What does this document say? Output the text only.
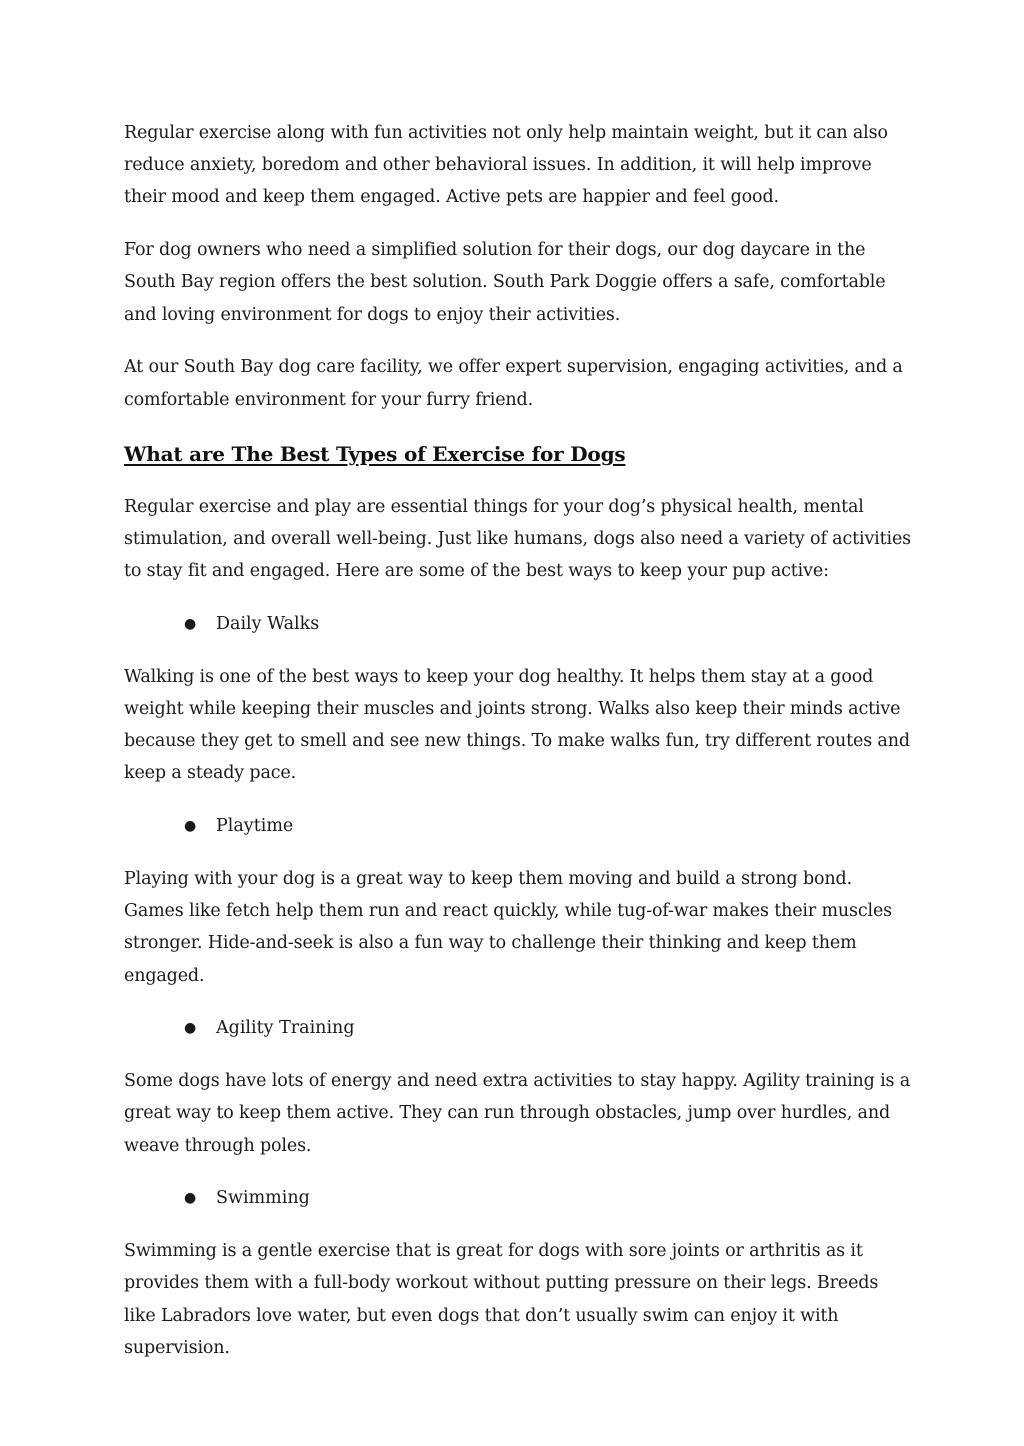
Regular exercise along with fun activities not only help maintain weight, but it can also reduce anxiety, boredom and other behavioral issues. In addition, it will help improve their mood and keep them engaged. Active pets are happier and feel good.

For dog owners who need a simplified solution for their dogs, our dog daycare in the South Bay region offers the best solution. South Park Doggie offers a safe, comfortable and loving environment for dogs to enjoy their activities.

At our South Bay dog care facility, we offer expert supervision, engaging activities, and a comfortable environment for your furry friend.

What are The Best Types of Exercise for Dogs

Regular exercise and play are essential things for your dog’s physical health, mental stimulation, and overall well-being. Just like humans, dogs also need a variety of activities to stay fit and engaged. Here are some of the best ways to keep your pup active:

● Daily Walks

Walking is one of the best ways to keep your dog healthy. It helps them stay at a good weight while keeping their muscles and joints strong. Walks also keep their minds active because they get to smell and see new things. To make walks fun, try different routes and keep a steady pace.

● Playtime

Playing with your dog is a great way to keep them moving and build a strong bond. Games like fetch help them run and react quickly, while tug-of-war makes their muscles stronger. Hide-and-seek is also a fun way to challenge their thinking and keep them engaged.

● Agility Training

Some dogs have lots of energy and need extra activities to stay happy. Agility training is a great way to keep them active. They can run through obstacles, jump over hurdles, and weave through poles.

● Swimming

Swimming is a gentle exercise that is great for dogs with sore joints or arthritis as it provides them with a full-body workout without putting pressure on their legs. Breeds like Labradors love water, but even dogs that don’t usually swim can enjoy it with supervision.
